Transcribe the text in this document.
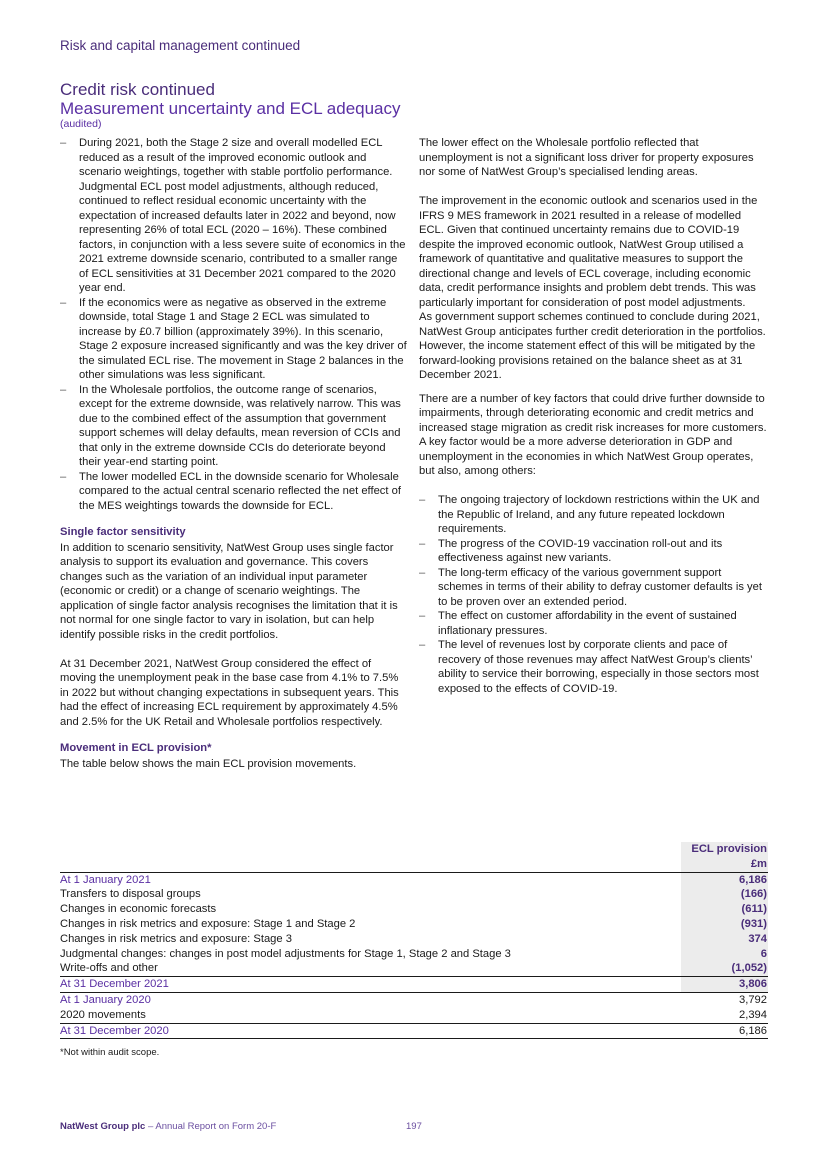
Risk and capital management continued
Credit risk continued
Measurement uncertainty and ECL adequacy
(audited)
– During 2021, both the Stage 2 size and overall modelled ECL reduced as a result of the improved economic outlook and scenario weightings, together with stable portfolio performance. Judgmental ECL post model adjustments, although reduced, continued to reflect residual economic uncertainty with the expectation of increased defaults later in 2022 and beyond, now representing 26% of total ECL (2020 – 16%). These combined factors, in conjunction with a less severe suite of economics in the 2021 extreme downside scenario, contributed to a smaller range of ECL sensitivities at 31 December 2021 compared to the 2020 year end.
– If the economics were as negative as observed in the extreme downside, total Stage 1 and Stage 2 ECL was simulated to increase by £0.7 billion (approximately 39%). In this scenario, Stage 2 exposure increased significantly and was the key driver of the simulated ECL rise. The movement in Stage 2 balances in the other simulations was less significant.
– In the Wholesale portfolios, the outcome range of scenarios, except for the extreme downside, was relatively narrow. This was due to the combined effect of the assumption that government support schemes will delay defaults, mean reversion of CCIs and that only in the extreme downside CCIs do deteriorate beyond their year-end starting point.
– The lower modelled ECL in the downside scenario for Wholesale compared to the actual central scenario reflected the net effect of the MES weightings towards the downside for ECL.

Single factor sensitivity

In addition to scenario sensitivity, NatWest Group uses single factor analysis to support its evaluation and governance. This covers changes such as the variation of an individual input parameter (economic or credit) or a change of scenario weightings. The application of single factor analysis recognises the limitation that it is not normal for one single factor to vary in isolation, but can help identify possible risks in the credit portfolios.

At 31 December 2021, NatWest Group considered the effect of moving the unemployment peak in the base case from 4.1% to 7.5% in 2022 but without changing expectations in subsequent years. This had the effect of increasing ECL requirement by approximately 4.5% and 2.5% for the UK Retail and Wholesale portfolios respectively.

Movement in ECL provision*

The table below shows the main ECL provision movements.

The lower effect on the Wholesale portfolio reflected that unemployment is not a significant loss driver for property exposures nor some of NatWest Group’s specialised lending areas.

The improvement in the economic outlook and scenarios used in the IFRS 9 MES framework in 2021 resulted in a release of modelled ECL. Given that continued uncertainty remains due to COVID-19 despite the improved economic outlook, NatWest Group utilised a framework of quantitative and qualitative measures to support the directional change and levels of ECL coverage, including economic data, credit performance insights and problem debt trends. This was particularly important for consideration of post model adjustments.

As government support schemes continued to conclude during 2021, NatWest Group anticipates further credit deterioration in the portfolios. However, the income statement effect of this will be mitigated by the forward-looking provisions retained on the balance sheet as at 31 December 2021.

There are a number of key factors that could drive further downside to impairments, through deteriorating economic and credit metrics and increased stage migration as credit risk increases for more customers. A key factor would be a more adverse deterioration in GDP and unemployment in the economies in which NatWest Group operates, but also, among others:

– The ongoing trajectory of lockdown restrictions within the UK and the Republic of Ireland, and any future repeated lockdown requirements.
– The progress of the COVID-19 vaccination roll-out and its effectiveness against new variants.
– The long-term efficacy of the various government support schemes in terms of their ability to defray customer defaults is yet to be proven over an extended period.
– The effect on customer affordability in the event of sustained inflationary pressures.
– The level of revenues lost by corporate clients and pace of recovery of those revenues may affect NatWest Group’s clients’ ability to service their borrowing, especially in those sectors most exposed to the effects of COVID-19.
	ECL provision
	£m
At 1 January 2021	6,186
Transfers to disposal groups	(166)
Changes in economic forecasts	(611)
Changes in risk metrics and exposure: Stage 1 and Stage 2	(931)
Changes in risk metrics and exposure: Stage 3	374
Judgmental changes: changes in post model adjustments for Stage 1, Stage 2 and Stage 3	6
Write-offs and other	(1,052)
At 31 December 2021	3,806
At 1 January 2020	3,792
2020 movements	2,394
At 31 December 2020	6,186
*Not within audit scope.
NatWest Group plc – Annual Report on Form 20-F	197
